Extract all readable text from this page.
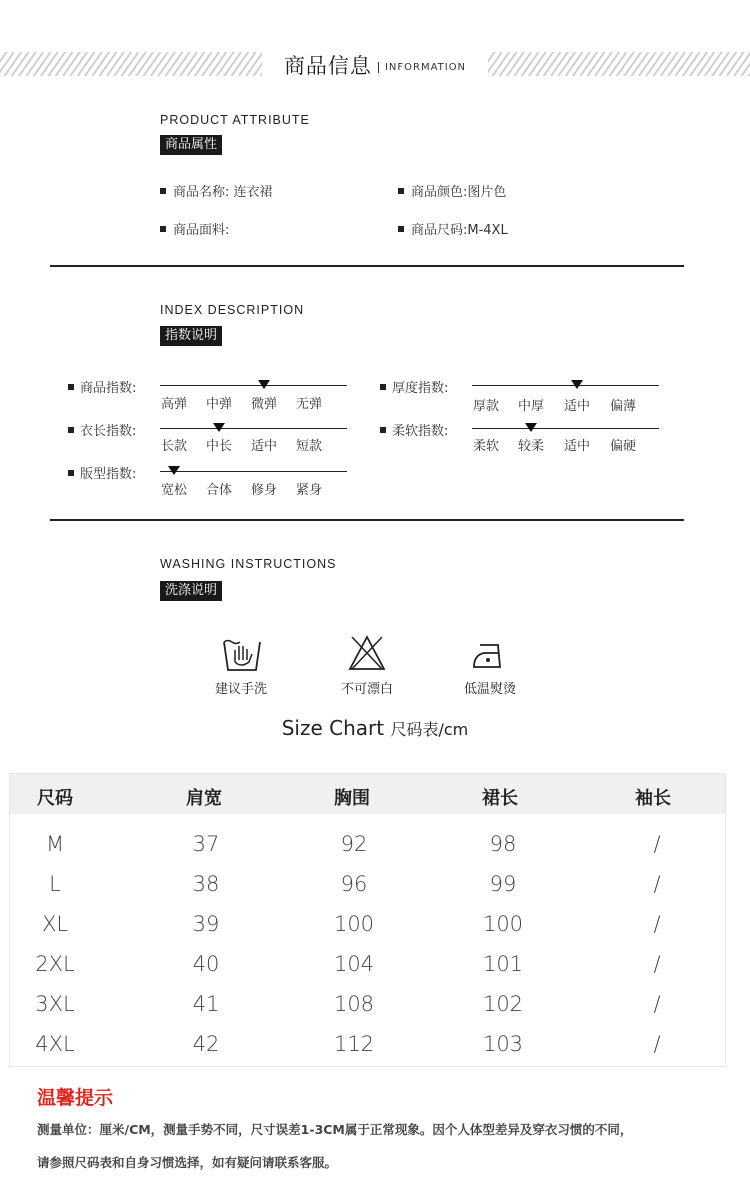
商品信息 $^{INFORMATION}$
PRODUCT ATTRIBUTE
商品属性
商品名称: 连衣裙	商品颜色:图片色
商品面料:	商品尺码:M-4XL
INDEX DESCRIPTION
指数说明
商品指数:
高弹	中弹	微弹	无弹
厚度指数:
厚款	中厚	适中	偏薄
衣长指数:
长款	中长	适中	短款
柔软指数:
柔软	较柔	适中	偏硬
版型指数:
宽松	合体	修身	紧身
WASHING INSTRUCTIONS
洗涤说明
建议手洗	不可漂白	低温熨烫
Size Chart 尺码表/cm
尺码	肩宽	胸围	裙长	袖长
M	37	92	98	/
L	38	96	99	/
XL	39	100	100	/
2XL	40	104	101	/
3XL	41	108	102	/
4XL	42	112	103	/
温馨提示
测量单位：厘米/CM，测量手势不同，尺寸误差1-3CM属于正常现象。因个人体型差异及穿衣习惯的不同，
请参照尺码表和自身习惯选择，如有疑问请联系客服。
